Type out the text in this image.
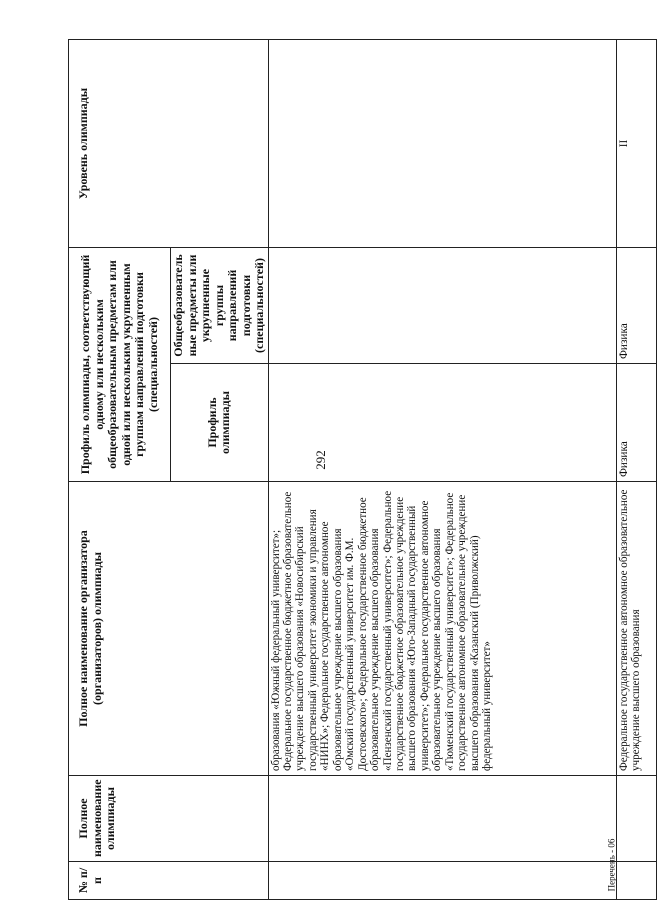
292
Перечень - 06
№ п/п	Полное наименование олимпиады	Полное наименование организатора (организаторов) олимпиады	Профиль олимпиады, соответствующий одному или нескольким общеобразовательным предметам или одной или нескольким укрупненным группам направлений подготовки (специальностей)		Уровень олимпиады
			Профиль олимпиады	Общеобразователь ные предметы или укрупненные группы направлений подготовки (специальностей)	
		образования «Южный федеральный университет»; Федеральное государственное бюджетное образовательное учреждение высшего образования «Новосибирский государственный университет экономики и управления «НИНХ»; Федеральное государственное автономное образовательное учреждение высшего образования «Омский государственный университет им. Ф.М. Достоевского»; Федеральное государственное бюджетное образовательное учреждение высшего образования «Пензенский государственный университет»; Федеральное государственное бюджетное образовательное учреждение высшего образования «Юго-Западный государственный университет»; Федеральное государственное автономное образовательное учреждение высшего образования «Тюменский государственный университет»; Федеральное государственное автономное образовательное учреждение высшего образования «Казанский (Приволжский) федеральный университет»			
		Федеральное государственное автономное образовательное учреждение высшего образования	Физика	Физика	II
